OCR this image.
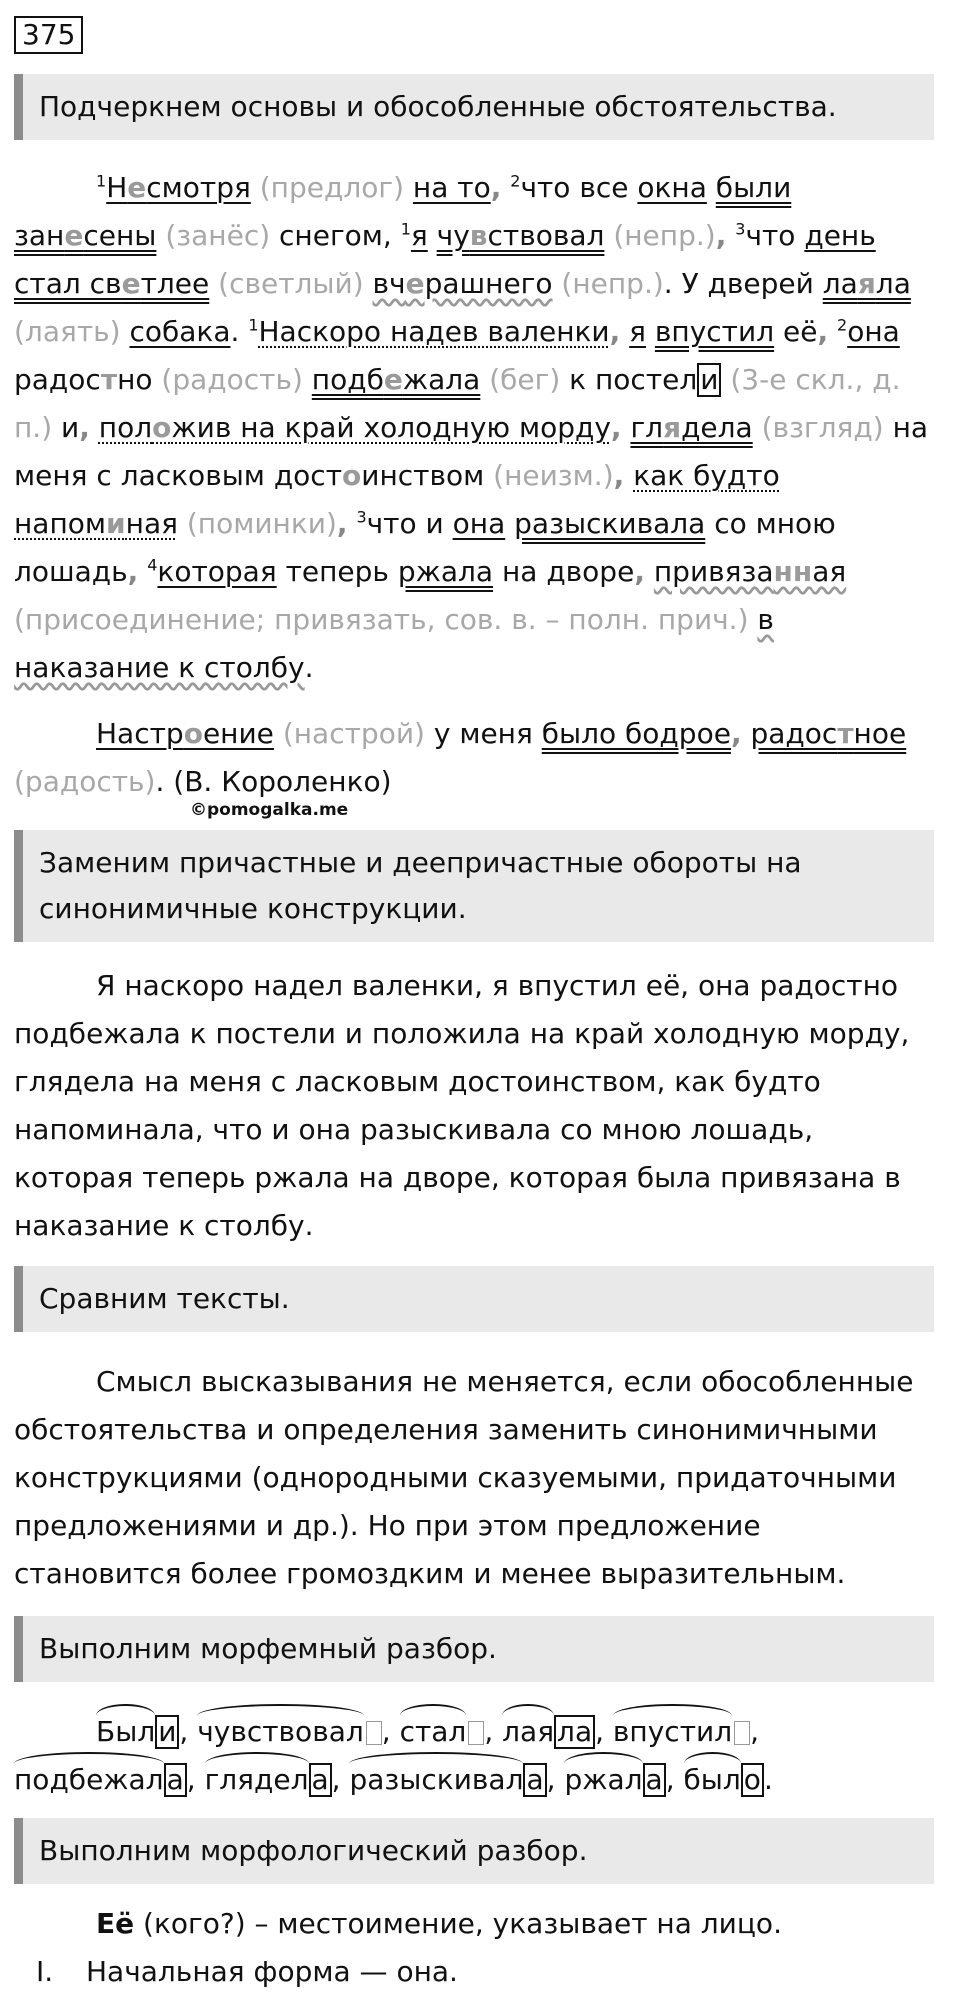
375
Подчеркнем основы и обособленные обстоятельства.
$^1$Несмотря (предлог) на то, $^2$что все окна были
занесены (занёс) снегом, $^1$я чувствовал (непр.), $^3$что день
стал светлее (светлый) вчерашнего (непр.). У дверей лаяла
(лаять) собака. $^1$Наскоро надев валенки, я впустил её, $^2$она
радостно (радость) подбежала (бег) к постел и (3-е скл., д.
п.) и, положив на край холодную морду, глядела (взгляд) на
меня с ласковым достоинством (неизм.), как будто
напоминая (поминки), $^3$что и она разыскивала со мною
лошадь, $^4$которая теперь ржала на дворе, привязанная
(присоединение; привязать, сов. в. – полн. прич.) в
наказание к столбу.
Настроение (настрой) у меня было бодрое, радостное
(радость). (В. Короленко)
©pomogalka.me
Заменим причастные и деепричастные обороты на
синонимичные конструкции.
Я наскоро надел валенки, я впустил её, она радостно
подбежала к постели и положила на край холодную морду,
глядела на меня с ласковым достоинством, как будто
напоминала, что и она разыскивала со мною лошадь,
которая теперь ржала на дворе, которая была привязана в
наказание к столбу.
Сравним тексты.
Смысл высказывания не меняется, если обособленные
обстоятельства и определения заменить синонимичными
конструкциями (однородными сказуемыми, придаточными
предложениями и др.). Но при этом предложение
становится более громоздким и менее выразительным.
Выполним морфемный разбор.
Был и , чувствовал , стал , лая ла , впустил ,
подбежал а , глядел а , разыскивал а , ржал а , был о .
Выполним морфологический разбор.
Её (кого?) – местоимение, указывает на лицо.
I. Начальная форма — она.
